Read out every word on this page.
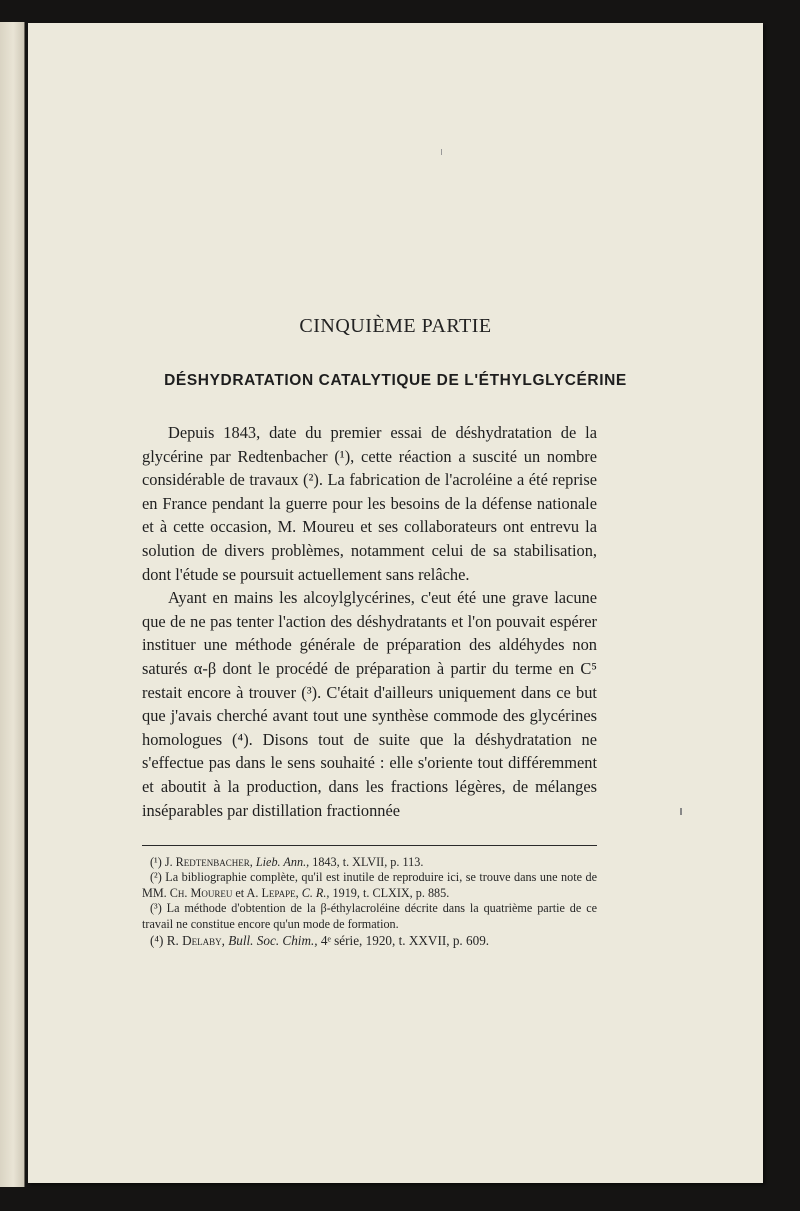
CINQUIÈME PARTIE
DÉSHYDRATATION CATALYTIQUE DE L'ÉTHYLGLYCÉRINE

Depuis 1843, date du premier essai de déshydratation de la glycérine par Redtenbacher (¹), cette réaction a suscité un nombre considérable de travaux (²). La fabrication de l'acroléine a été reprise en France pendant la guerre pour les besoins de la défense nationale et à cette occasion, M. Moureu et ses collaborateurs ont entrevu la solution de divers problèmes, notamment celui de sa stabilisation, dont l'étude se poursuit actuellement sans relâche.

Ayant en mains les alcoylglycérines, c'eut été une grave lacune que de ne pas tenter l'action des déshydratants et l'on pouvait espérer instituer une méthode générale de préparation des aldéhydes non saturés α-β dont le procédé de préparation à partir du terme en C⁵ restait encore à trouver (³). C'était d'ailleurs uniquement dans ce but que j'avais cherché avant tout une synthèse commode des glycérines homologues (⁴). Disons tout de suite que la déshydratation ne s'effectue pas dans le sens souhaité : elle s'oriente tout différemment et aboutit à la production, dans les fractions légères, de mélanges inséparables par distillation fractionnée

(¹) J. Redtenbacher, Lieb. Ann., 1843, t. XLVII, p. 113.
(²) La bibliographie complète, qu'il est inutile de reproduire ici, se trouve dans une note de MM. Ch. Moureu et A. Lepape, C. R., 1919, t. CLXIX, p. 885.
(³) La méthode d'obtention de la β-éthylacroléine décrite dans la quatrième partie de ce travail ne constitue encore qu'un mode de formation.
(⁴) R. Delaby, Bull. Soc. Chim., 4ᵉ série, 1920, t. XXVII, p. 609.
